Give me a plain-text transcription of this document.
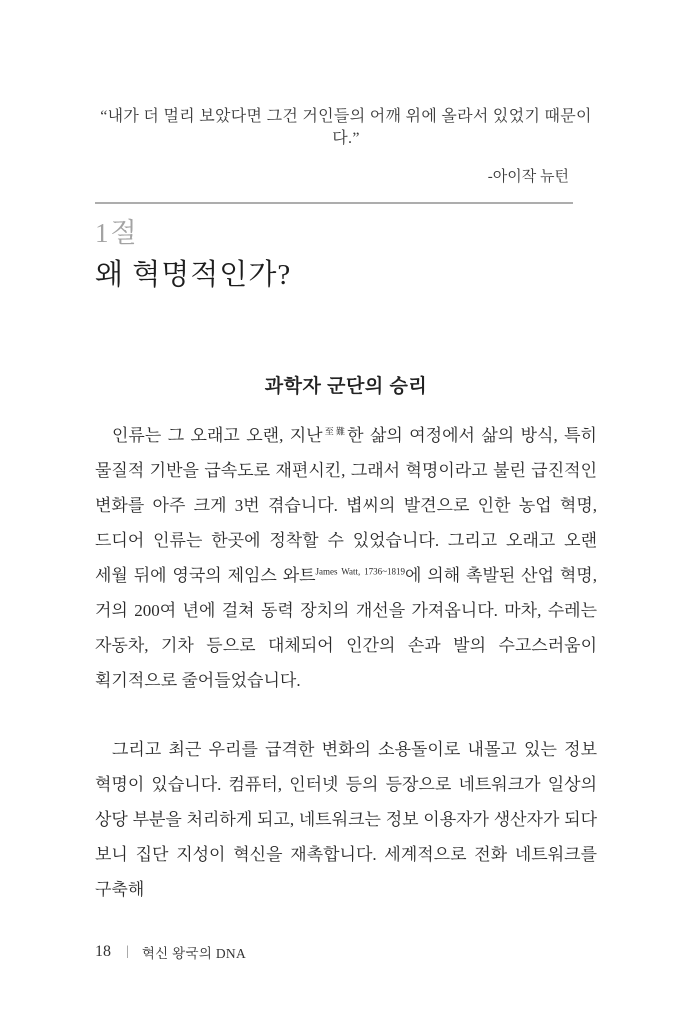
“내가 더 멀리 보았다면 그건 거인들의 어깨 위에 올라서 있었기 때문이다.”

-아이작 뉴턴

1절
왜 혁명적인가?
과학자 군단의 승리

인류는 그 오래고 오랜, 지난$^{至難}$한 삶의 여정에서 삶의 방식, 특히 물질적 기반을 급속도로 재편시킨, 그래서 혁명이라고 불린 급진적인 변화를 아주 크게 3번 겪습니다. 볍씨의 발견으로 인한 농업 혁명, 드디어 인류는 한곳에 정착할 수 있었습니다. 그리고 오래고 오랜 세월 뒤에 영국의 제임스 와트$^{James Watt, 1736\sim 1819}$에 의해 촉발된 산업 혁명, 거의 200여 년에 걸쳐 동력 장치의 개선을 가져옵니다. 마차, 수레는 자동차, 기차 등으로 대체되어 인간의 손과 발의 수고스러움이 획기적으로 줄어들었습니다.

그리고 최근 우리를 급격한 변화의 소용돌이로 내몰고 있는 정보 혁명이 있습니다. 컴퓨터, 인터넷 등의 등장으로 네트워크가 일상의 상당 부분을 처리하게 되고, 네트워크는 정보 이용자가 생산자가 되다 보니 집단 지성이 혁신을 재촉합니다. 세계적으로 전화 네트워크를 구축해

18 | 혁신 왕국의 DNA
